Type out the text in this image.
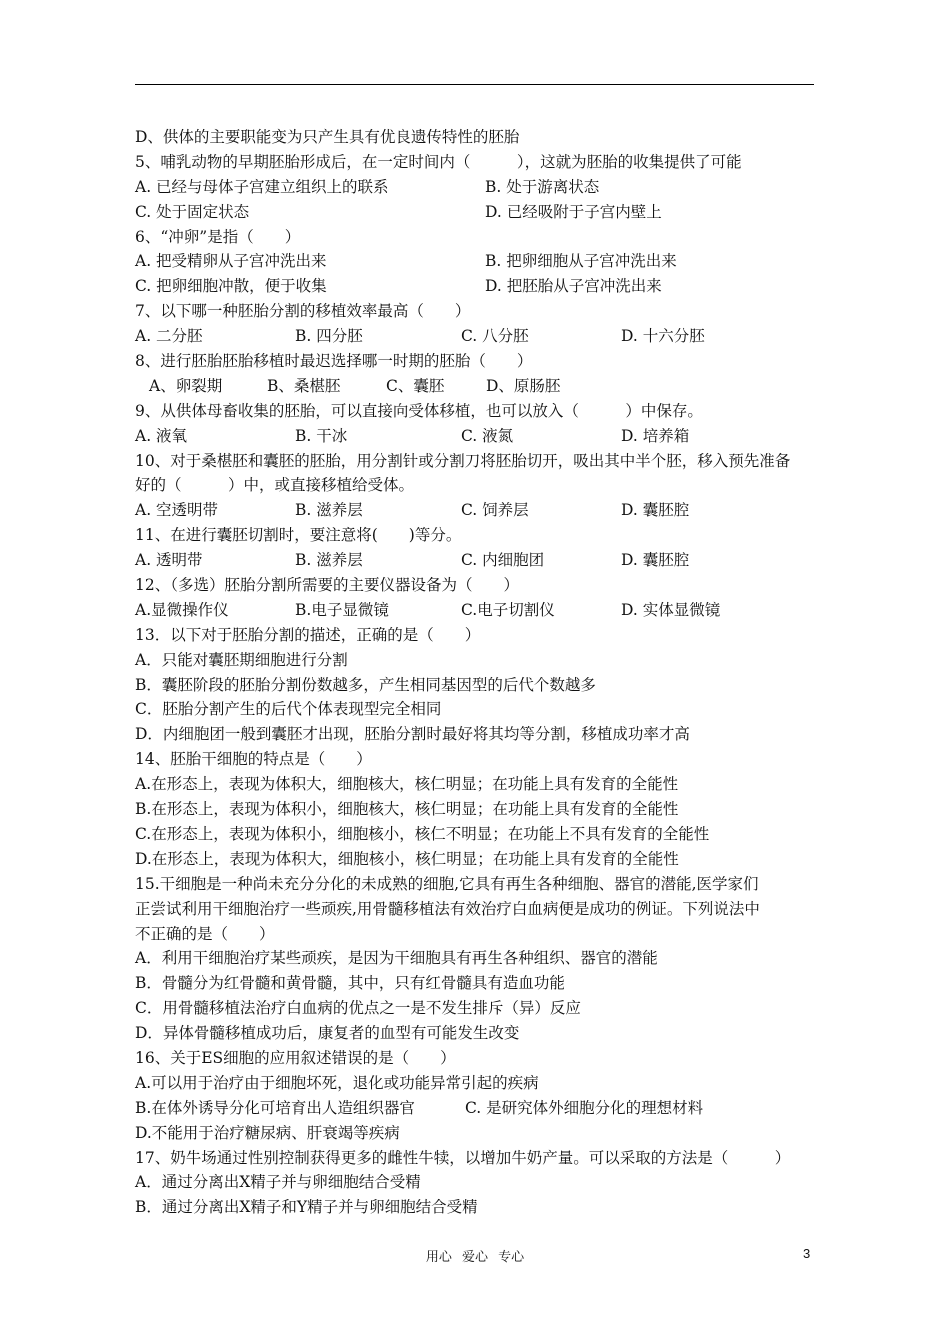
D、供体的主要职能变为只产生具有优良遗传特性的胚胎
5、哺乳动物的早期胚胎形成后，在一定时间内（　　　），这就为胚胎的收集提供了可能
A. 已经与母体子宫建立组织上的联系	B. 处于游离状态
C. 处于固定状态	D. 已经吸附于子宫内壁上
6、“冲卵”是指（　　）
A. 把受精卵从子宫冲洗出来	B. 把卵细胞从子宫冲洗出来
C. 把卵细胞冲散，便于收集	D. 把胚胎从子宫冲洗出来
7、以下哪一种胚胎分割的移植效率最高（　　）
A. 二分胚	B. 四分胚	C. 八分胚	D. 十六分胚
8、进行胚胎胚胎移植时最迟选择哪一时期的胚胎（　　）
A、卵裂期	B、桑椹胚	C、囊胚	D、原肠胚
9、从供体母畜收集的胚胎，可以直接向受体移植，也可以放入（　　　）中保存。
A. 液氧	B. 干冰	C. 液氮	D. 培养箱
10、对于桑椹胚和囊胚的胚胎，用分割针或分割刀将胚胎切开，吸出其中半个胚，移入预先准备
好的（　　　）中，或直接移植给受体。
A. 空透明带	B. 滋养层	C. 饲养层	D. 囊胚腔
11、在进行囊胚切割时，要注意将(　　)等分。
A. 透明带	B. 滋养层	C. 内细胞团	D. 囊胚腔
12、（多选）胚胎分割所需要的主要仪器设备为（　　）
A.显微操作仪	B.电子显微镜	C.电子切割仪	D. 实体显微镜
13．以下对于胚胎分割的描述，正确的是（　　）
A．只能对囊胚期细胞进行分割
B．囊胚阶段的胚胎分割份数越多，产生相同基因型的后代个数越多
C．胚胎分割产生的后代个体表现型完全相同
D．内细胞团一般到囊胚才出现，胚胎分割时最好将其均等分割，移植成功率才高
14、胚胎干细胞的特点是（　　）
A.在形态上，表现为体积大，细胞核大，核仁明显；在功能上具有发育的全能性
B.在形态上，表现为体积小，细胞核大，核仁明显；在功能上具有发育的全能性
C.在形态上，表现为体积小，细胞核小，核仁不明显；在功能上不具有发育的全能性
D.在形态上，表现为体积大，细胞核小，核仁明显；在功能上具有发育的全能性
15.干细胞是一种尚未充分分化的未成熟的细胞,它具有再生各种细胞、器官的潜能,医学家们
正尝试利用干细胞治疗一些顽疾,用骨髓移植法有效治疗白血病便是成功的例证。下列说法中
不正确的是（　　）
A．利用干细胞治疗某些顽疾，是因为干细胞具有再生各种组织、器官的潜能
B．骨髓分为红骨髓和黄骨髓，其中，只有红骨髓具有造血功能
C．用骨髓移植法治疗白血病的优点之一是不发生排斥（异）反应
D．异体骨髓移植成功后，康复者的血型有可能发生改变
16、关于ES细胞的应用叙述错误的是（　　）
A.可以用于治疗由于细胞坏死，退化或功能异常引起的疾病
B.在体外诱导分化可培育出人造组织器官	C. 是研究体外细胞分化的理想材料
D.不能用于治疗糖尿病、肝衰竭等疾病
17、奶牛场通过性别控制获得更多的雌性牛犊，以增加牛奶产量。可以采取的方法是（　　　）
A．通过分离出X精子并与卵细胞结合受精
B．通过分离出X精子和Y精子并与卵细胞结合受精
用心 爱心 专心	3
